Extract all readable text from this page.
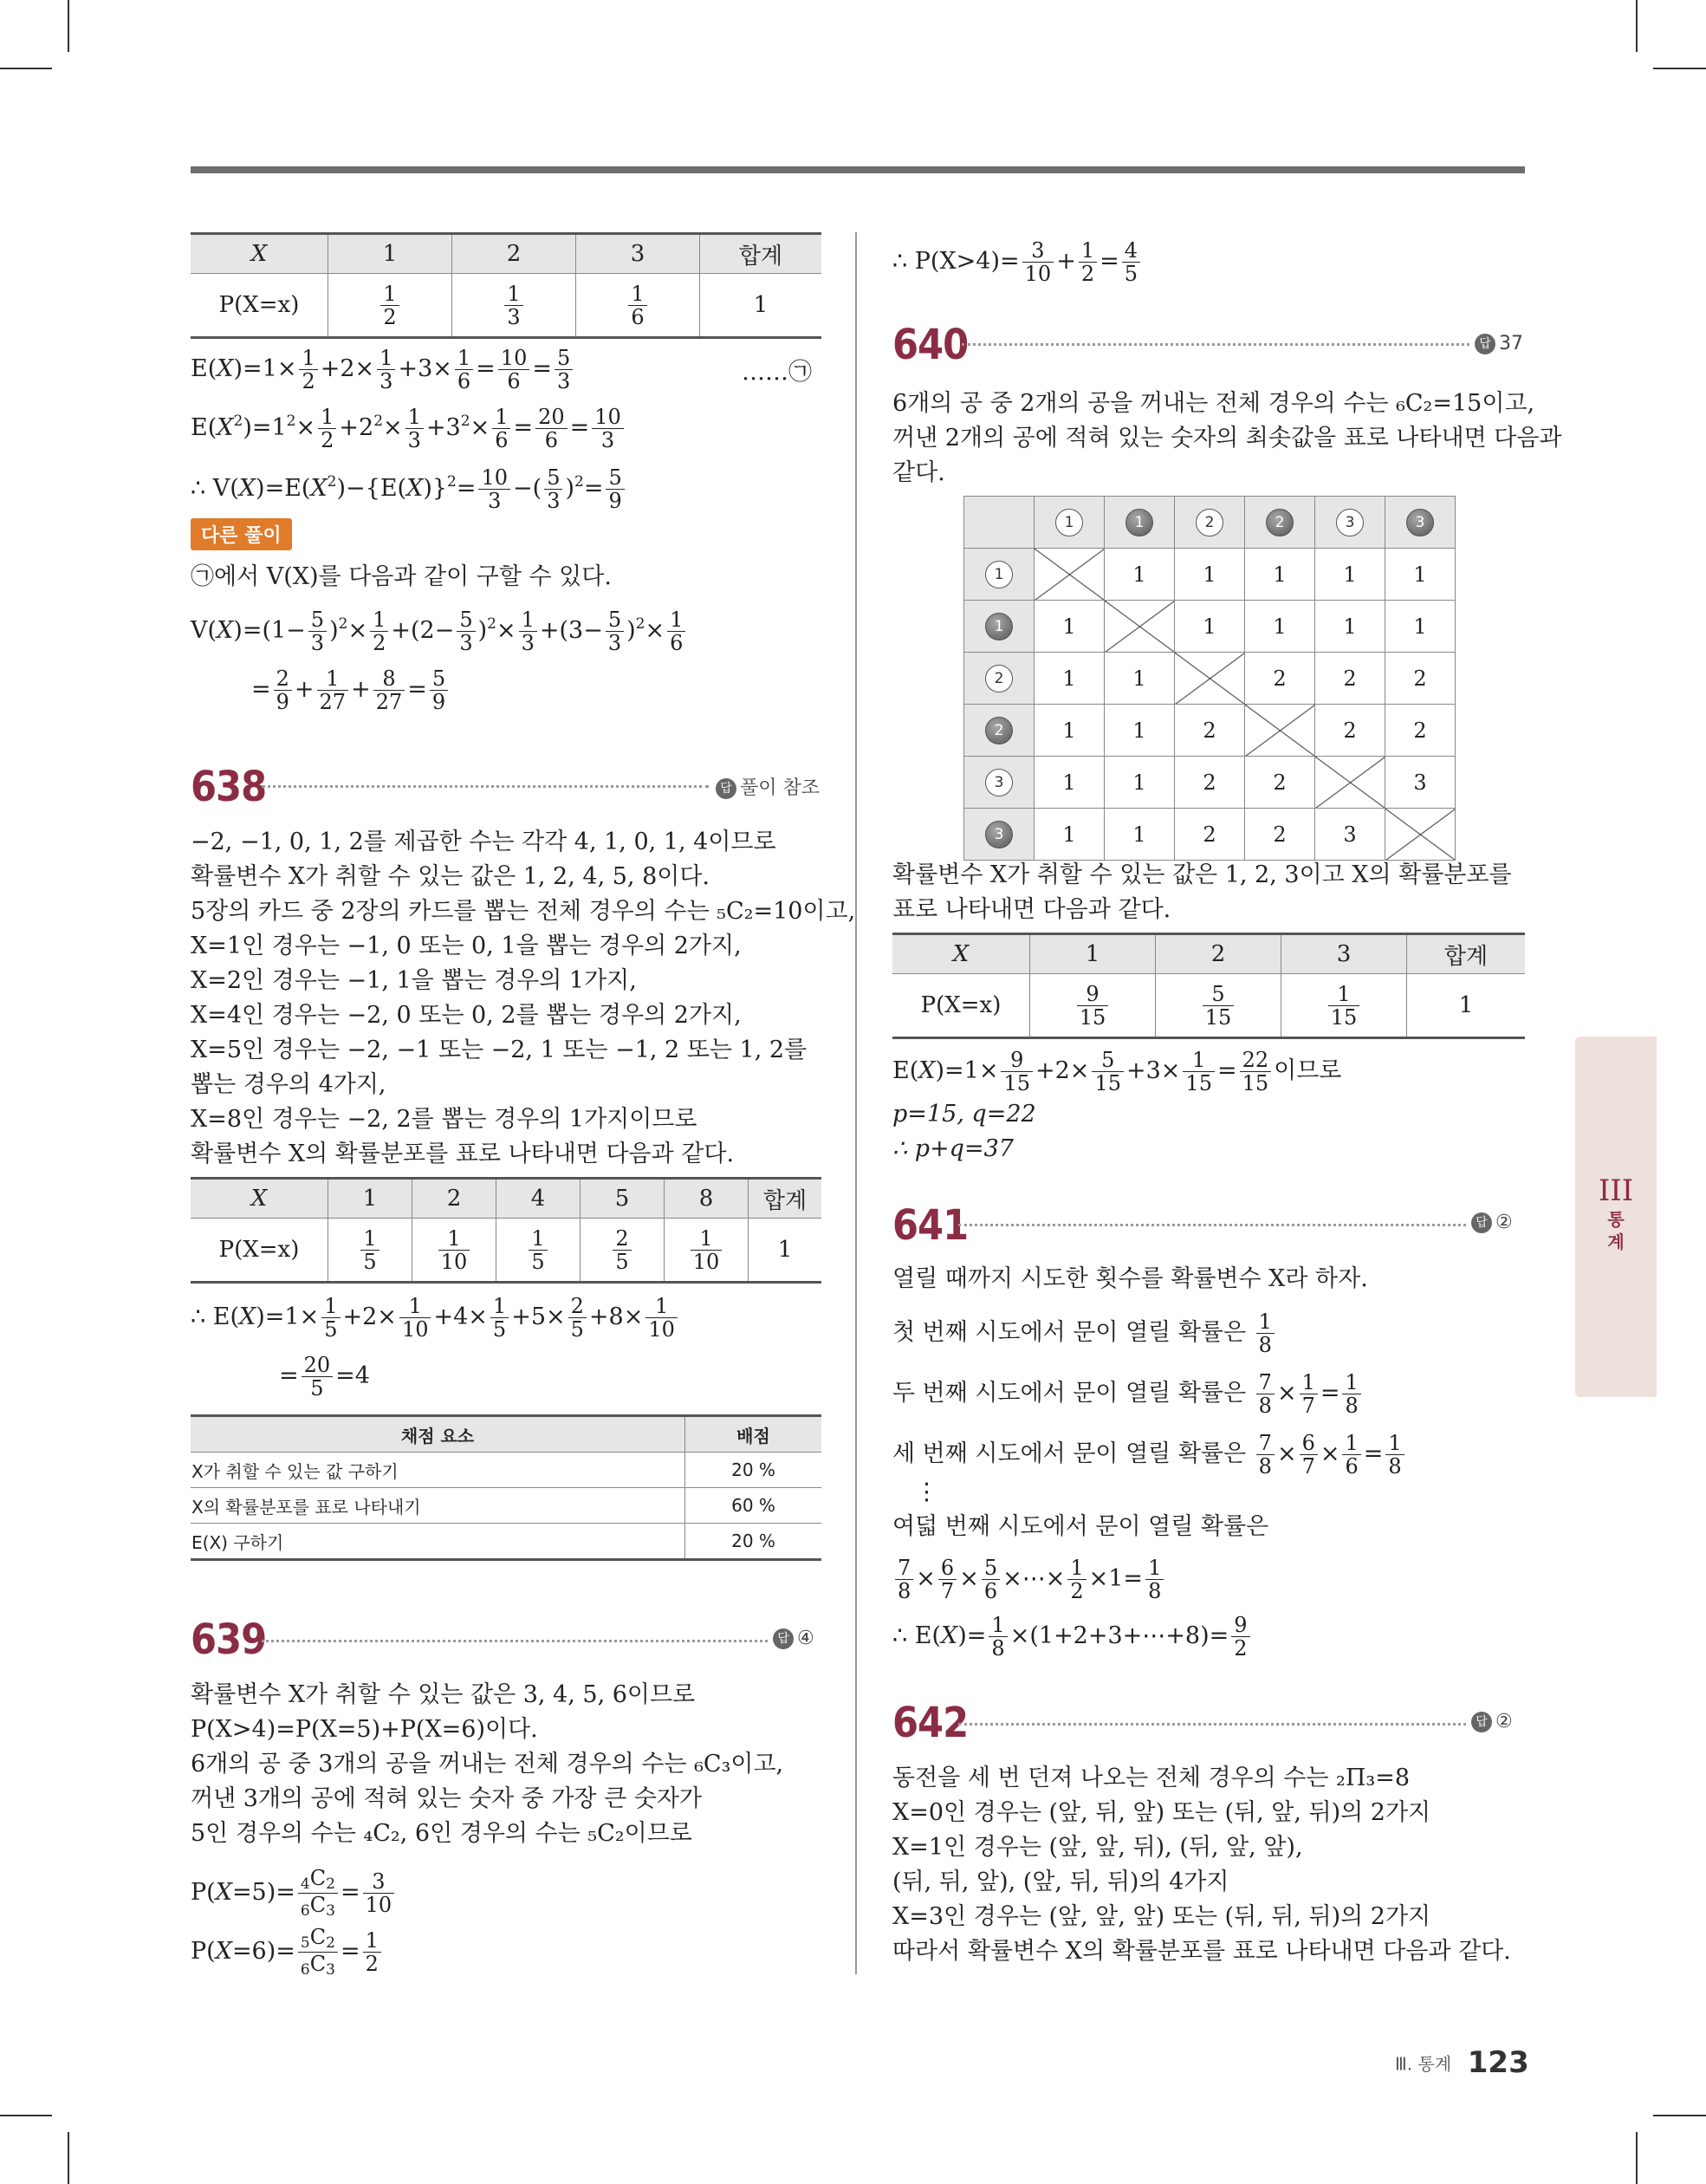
X	1	2	3	합계
P(X=x)	$\frac{1}{2}$	$\frac{1}{3}$	$\frac{1}{6}$	1
$E(X)=1\times \frac{1}{2} +2\times \frac{1}{3} +3\times \frac{1}{6} = \frac{10}{6} = \frac{5}{3}$	……㉠
$E(X^2)=1^2\times \frac{1}{2} +2^2\times \frac{1}{3} +3^2\times \frac{1}{6} = \frac{20}{6} = \frac{10}{3}$
∴ $V(X)=E(X^2)-\{E(X)\}^2= \frac{10}{3}$ −( $\frac{5}{3} )^2= \frac{5}{9}$
다른 풀이
㉠에서 V(X)를 다음과 같이 구할 수 있다.
$V(X)=(1- \frac{5}{3} )^2\times \frac{1}{2} +(2- \frac{5}{3} )^2\times \frac{1}{3} +(3- \frac{5}{3} )^2\times \frac{1}{6}$
= $\frac{2}{9} + \frac{1}{27} + \frac{8}{27} = \frac{5}{9}$
638	답 풀이 참조
−2, −1, 0, 1, 2를 제곱한 수는 각각 4, 1, 0, 1, 4이므로
확률변수 X가 취할 수 있는 값은 1, 2, 4, 5, 8이다.
5장의 카드 중 2장의 카드를 뽑는 전체 경우의 수는 ₅C₂=10이고,
X=1인 경우는 −1, 0 또는 0, 1을 뽑는 경우의 2가지,
X=2인 경우는 −1, 1을 뽑는 경우의 1가지,
X=4인 경우는 −2, 0 또는 0, 2를 뽑는 경우의 2가지,
X=5인 경우는 −2, −1 또는 −2, 1 또는 −1, 2 또는 1, 2를
뽑는 경우의 4가지,
X=8인 경우는 −2, 2를 뽑는 경우의 1가지이므로
확률변수 X의 확률분포를 표로 나타내면 다음과 같다.
X	1	2	4	5	8	합계
P(X=x)	$\frac{1}{5}$	$\frac{1}{10}$	$\frac{1}{5}$	$\frac{2}{5}$	$\frac{1}{10}$	1
∴ $E(X)=1\times \frac{1}{5} +2\times \frac{1}{10} +4\times \frac{1}{5} +5\times \frac{2}{5} +8\times \frac{1}{10}$
= $\frac{20}{5} =4$
채점 요소	배점
X가 취할 수 있는 값 구하기	20 %
X의 확률분포를 표로 나타내기	60 %
E(X) 구하기	20 %
639	답 ④
확률변수 X가 취할 수 있는 값은 3, 4, 5, 6이므로
P(X>4)=P(X=5)+P(X=6)이다.
6개의 공 중 3개의 공을 꺼내는 전체 경우의 수는 ₆C₃이고,
꺼낸 3개의 공에 적혀 있는 숫자 중 가장 큰 숫자가
5인 경우의 수는 ₄C₂, 6인 경우의 수는 ₅C₂이므로
$P(X=5)= \frac{_4C_2}{_6C_3} = \frac{3}{10}$
$P(X=6)= \frac{_5C_2}{_6C_3} = \frac{1}{2}$
∴ $P(X>4)= \frac{3}{10} + \frac{1}{2} = \frac{4}{5}$
640	답 37
6개의 공 중 2개의 공을 꺼내는 전체 경우의 수는 ₆C₂=15이고,
꺼낸 2개의 공에 적혀 있는 숫자의 최솟값을 표로 나타내면 다음과
같다.
	1	1	2	2	3	3
1		1	1	1	1	1
1	1		1	1	1	1
2	1	1		2	2	2
2	1	1	2		2	2
3	1	1	2	2		3
3	1	1	2	2	3	
확률변수 X가 취할 수 있는 값은 1, 2, 3이고 X의 확률분포를
표로 나타내면 다음과 같다.
X	1	2	3	합계
P(X=x)	$\frac{9}{15}$	$\frac{5}{15}$	$\frac{1}{15}$	1
$E(X)=1\times \frac{9}{15} +2\times \frac{5}{15} +3\times \frac{1}{15} = \frac{22}{15}$ 이므로
p=15, q=22
∴ p+q=37
III
통
계
641	답 ②
열릴 때까지 시도한 횟수를 확률변수 X라 하자.
첫 번째 시도에서 문이 열릴 확률은 $\frac{1}{8}$
두 번째 시도에서 문이 열릴 확률은 $\frac{7}{8} \times \frac{1}{7} = \frac{1}{8}$
세 번째 시도에서 문이 열릴 확률은 $\frac{7}{8} \times \frac{6}{7} \times \frac{1}{6} = \frac{1}{8}$
⋮
여덟 번째 시도에서 문이 열릴 확률은
$\frac{7}{8} \times \frac{6}{7} \times \frac{5}{6}$ ×⋯× $\frac{1}{2} \times 1= \frac{1}{8}$
∴ $E(X)= \frac{1}{8}$ ×(1+2+3+⋯+8)= $\frac{9}{2}$
642	답 ②
동전을 세 번 던져 나오는 전체 경우의 수는 ₂Π₃=8
X=0인 경우는 (앞, 뒤, 앞) 또는 (뒤, 앞, 뒤)의 2가지
X=1인 경우는 (앞, 앞, 뒤), (뒤, 앞, 앞),
(뒤, 뒤, 앞), (앞, 뒤, 뒤)의 4가지
X=3인 경우는 (앞, 앞, 앞) 또는 (뒤, 뒤, 뒤)의 2가지
따라서 확률변수 X의 확률분포를 표로 나타내면 다음과 같다.
Ⅲ. 통계 123
